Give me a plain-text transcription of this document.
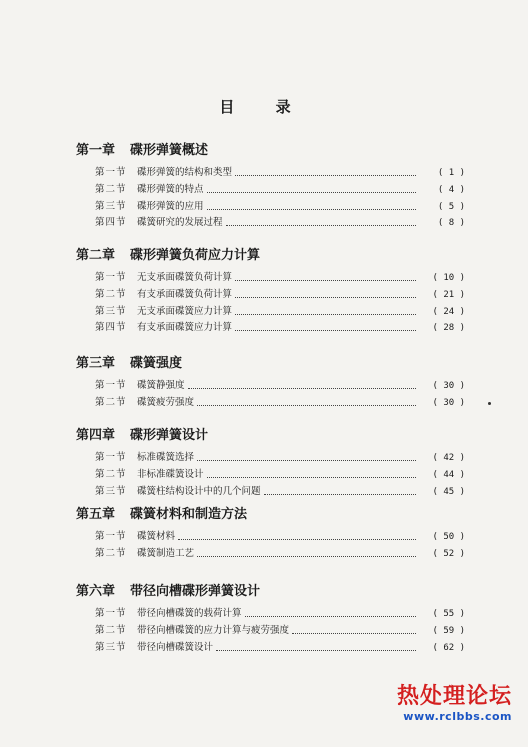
目 录
第一章 碟形弹簧概述
第一节	碟形弹簧的结构和类型	( 1 )
第二节	碟形弹簧的特点	( 4 )
第三节	碟形弹簧的应用	( 5 )
第四节	碟簧研究的发展过程	( 8 )
第二章 碟形弹簧负荷应力计算
第一节	无支承面碟簧负荷计算	( 10 )
第二节	有支承面碟簧负荷计算	( 21 )
第三节	无支承面碟簧应力计算	( 24 )
第四节	有支承面碟簧应力计算	( 28 )
第三章 碟簧强度
第一节	碟簧静强度	( 30 )
第二节	碟簧疲劳强度	( 30 )
第四章 碟形弹簧设计
第一节	标准碟簧选择	( 42 )
第二节	非标准碟簧设计	( 44 )
第三节	碟簧柱结构设计中的几个问题	( 45 )
第五章 碟簧材料和制造方法
第一节	碟簧材料	( 50 )
第二节	碟簧制造工艺	( 52 )
第六章 带径向槽碟形弹簧设计
第一节	带径向槽碟簧的载荷计算	( 55 )
第二节	带径向槽碟簧的应力计算与疲劳强度	( 59 )
第三节	带径向槽碟簧设计	( 62 )
热处理论坛
www.rclbbs.com
